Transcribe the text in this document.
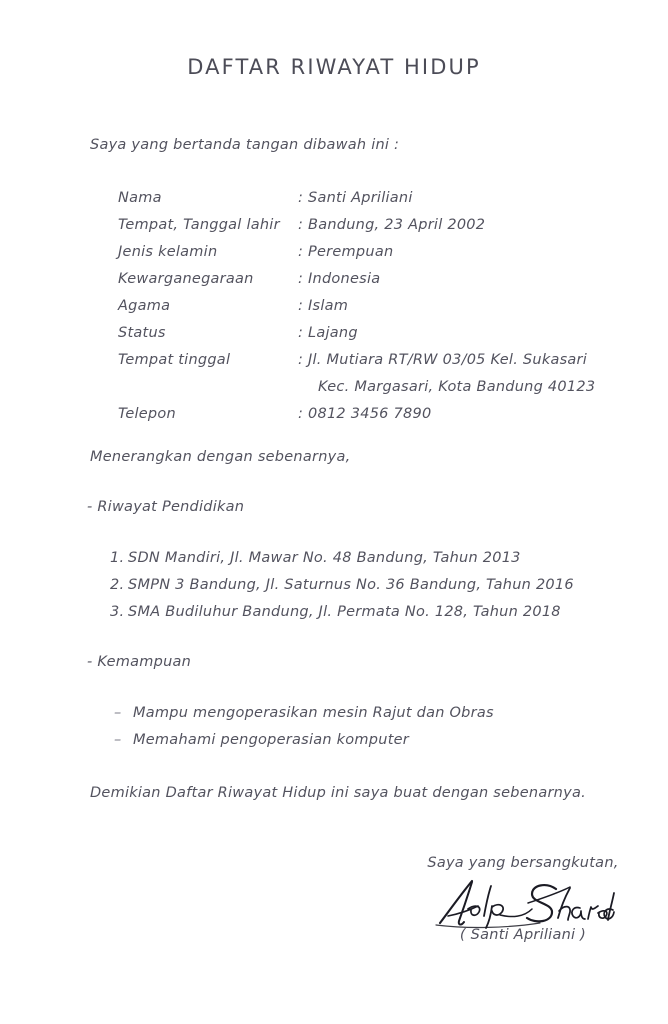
DAFTAR RIWAYAT HIDUP
Saya yang bertanda tangan dibawah ini :
Nama	: Santi Apriliani
Tempat, Tanggal lahir : Bandung, 23 April 2002
Jenis kelamin	: Perempuan
Kewarganegaraan	: Indonesia
Agama	: Islam
Status	: Lajang
Tempat tinggal	: Jl. Mutiara RT/RW 03/05 Kel. Sukasari
Kec. Margasari, Kota Bandung 40123
Telepon	: 0812 3456 7890
Menerangkan dengan sebenarnya,
- Riwayat Pendidikan
1. SDN Mandiri, Jl. Mawar No. 48 Bandung, Tahun 2013
2. SMPN 3 Bandung, Jl. Saturnus No. 36 Bandung, Tahun 2016
3. SMA Budiluhur Bandung, Jl. Permata No. 128, Tahun 2018
- Kemampuan
– Mampu mengoperasikan mesin Rajut dan Obras
– Memahami pengoperasian komputer
Demikian Daftar Riwayat Hidup ini saya buat dengan sebenarnya.
Saya yang bersangkutan,
( Santi Apriliani )
